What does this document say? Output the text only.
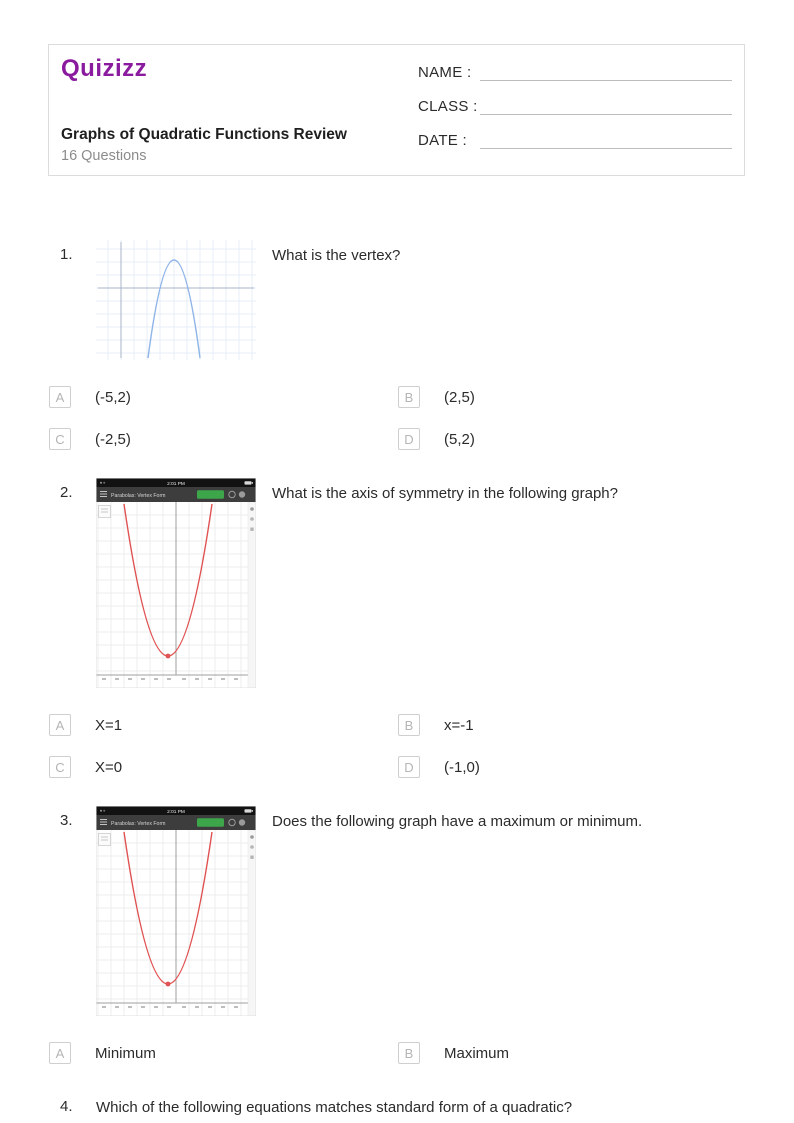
Quizizz
Graphs of Quadratic Functions Review
16 Questions
NAME :
CLASS :
DATE :
1.	What is the vertex?
A	(-5,2)	B	(2,5)
C	(-2,5)	D	(5,2)
2.	2:01 PM
Parabolas: Vertex Form	What is the axis of symmetry in the following graph?
A	X=1	B	x=-1
C	X=0	D	(-1,0)
3.	2:01 PM
Parabolas: Vertex Form	Does the following graph have a maximum or minimum.
A	Minimum	B	Maximum
4.	Which of the following equations matches standard form of a quadratic?
